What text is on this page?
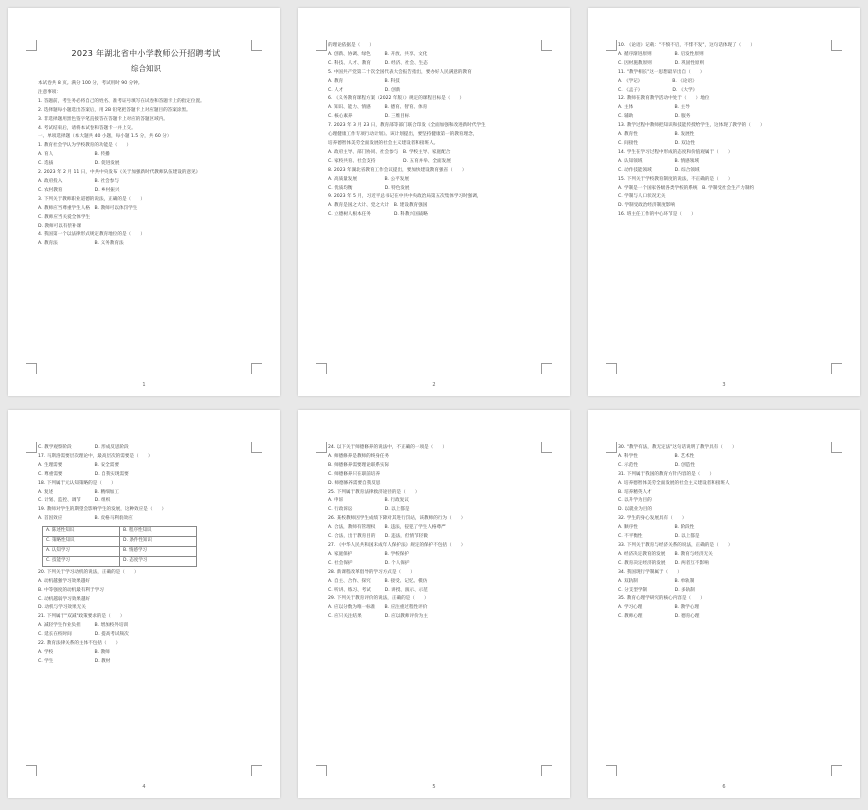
2023 年湖北省中小学教师公开招聘考试
综合知识
本试卷共 8 页。满分 100 分，考试用时 90 分钟。
注意事项：
1. 答题前，考生务必将自己的姓名、准考证号填写在试卷和答题卡上的指定位置。
2. 选择题每小题选出答案后，用 2B 铅笔把答题卡上对应题目的答案涂黑。
3. 非选择题用黑色签字笔直接答在答题卡上对应的答题区域内。
4. 考试结束后，请将本试卷和答题卡一并上交。
一、单项选择题（本大题共 40 小题，每小题 1.5 分，共 60 分）
1. 教育社会学认为学校教育的功能是（　　）
A. 育人　　　　　　　　　B. 传播
C. 选拔　　　　　　　　　D. 促进发展
2. 2023 年 2 月 11 日，中共中央发布《关于加强新时代教师队伍建设的意见》
A. 政府投入　　　　　　　B. 社会参与
C. 农村教育　　　　　　　D. 乡村振兴
3. 下列关于教师职业道德的说法，正确的是（　　）
A. 教师应当尊重学生人格　B. 教师可以体罚学生
C. 教师应当关爱全体学生
D. 教师可以有偿补课
4. 我国第一个以法律形式规定教育地位的是（　　）
A. 教育法　　　　　　　　B. 义务教育法
1
的理论依据是（　　）
A. 创新、协调、绿色　　　B. 开放、共享、文化
C. 科技、人才、教育　　　D. 经济、社会、生态
5. 中国共产党第二十次全国代表大会报告指出，要办好人民满意的教育
A. 教育　　　　　　　　　B. 科技
C. 人才　　　　　　　　　D. 创新
6. 《义务教育课程方案（2022 年版）》规定的课程目标是（　　）
A. 知识、能力、情感　　　B. 德育、智育、体育
C. 核心素养　　　　　　　D. 三维目标
7. 2023 年 3 月 23 日，教育部等部门联合印发《全面加强和改进新时代学生
心理健康工作专项行动计划》。该计划提出，要坚持健康第一的教育理念，
培养德智体美劳全面发展的社会主义建设者和接班人。
A. 政府主导、部门协同、社会参与　B. 学校主导、家庭配合
C. 家校共育、社会支持　　　　　　D. 五育并举、全面发展
8. 2023 年湖北省教育工作会议提出，要加快建设教育强省（　　）
A. 高质量发展　　　　　　B. 公平发展
C. 优质均衡　　　　　　　D. 特色发展
9. 2023 年 5 月，习近平总书记在中共中央政治局第五次集体学习时强调，
A. 教育是国之大计、党之大计　B. 建设教育强国
C. 立德树人根本任务　　　　　D. 科教兴国战略
2
10. 《论语》记载："不愤不启，不悱不发"，这句话体现了（　　）
A. 循序渐进原则　　　　　B. 启发性原则
C. 因材施教原则　　　　　D. 巩固性原则
11. "教学相长"这一思想最早出自（　　）
A. 《学记》　　　　　　　B. 《论语》
C. 《孟子》　　　　　　　D. 《大学》
12. 教师在教育教学活动中处于（　　）地位
A. 主体　　　　　　　　　B. 主导
C. 辅助　　　　　　　　　D. 服务
13. 教学过程中教师把知识和技能传授给学生，这体现了教学的（　　）
A. 教育性　　　　　　　　B. 发展性
C. 间接性　　　　　　　　D. 双边性
14. 学生在学习过程中形成的态度和价值观属于（　　）
A. 认知领域　　　　　　　B. 情感领域
C. 动作技能领域　　　　　D. 综合领域
15. 下列关于学校教育制度的说法，不正确的是（　　）
A. 学制是一个国家各级各类学校的系统　B. 学制受社会生产力制约
C. 学制与人口状况无关
D. 学制受政治经济制度影响
16. 班主任工作的中心环节是（　　）
3
C. 教学观察阶段　　　　　D. 形成反思阶段
17. 马斯洛需要层次理论中，最高层次的需要是（　　）
A. 生理需要　　　　　　　B. 安全需要
C. 尊重需要　　　　　　　D. 自我实现需要
18. 下列属于元认知策略的是（　　）
A. 复述　　　　　　　　　B. 精细加工
C. 计划、监控、调节　　　D. 组织
19. 教师对学生的期望会影响学生的发展，这种效应是（　　）
A. 首因效应　　　　　　　B. 皮格马利翁效应
A. 陈述性知识	B. 程序性知识
C. 策略性知识	D. 条件性知识
A. 认知学习	B. 情感学习
C. 技能学习	D. 态度学习
20. 下列关于学习动机的说法，正确的是（　　）
A. 动机越强学习效果越好
B. 中等强度的动机最有利于学习
C. 动机越弱学习效果越好
D. 动机与学习效果无关
21. 下列属于"双减"政策要求的是（　　）
A. 减轻学生作业负担　　　B. 增加校外培训
C. 延长在校时间　　　　　D. 提高考试频次
22. 教育法律关系的主体不包括（　　）
A. 学校　　　　　　　　　B. 教师
C. 学生　　　　　　　　　D. 教材
4
24. 以下关于师德修养的说法中，不正确的一项是（　　）
A. 师德修养是教师的终身任务
B. 师德修养需要理论联系实际
C. 师德修养只在职前培养
D. 师德修养需要自我反思
25. 下列属于教育法律救济途径的是（　　）
A. 申诉　　　　　　　　　B. 行政复议
C. 行政诉讼　　　　　　　D. 以上都是
26. 某校教师因学生成绩下降对其进行罚站，该教师的行为（　　）
A. 合法，教师有管理权　　B. 违法，侵犯了学生人格尊严
C. 合法，出于教育目的　　D. 违法，但情节轻微
27. 《中华人民共和国未成年人保护法》规定的保护不包括（　　）
A. 家庭保护　　　　　　　B. 学校保护
C. 社会保护　　　　　　　D. 个人保护
28. 新课程改革倡导的学习方式是（　　）
A. 自主、合作、探究　　　B. 接受、记忆、模仿
C. 听讲、练习、考试　　　D. 讲授、演示、示范
29. 下列关于教育评价的说法，正确的是（　　）
A. 应以分数为唯一标准　　B. 应注重过程性评价
C. 应只关注结果　　　　　D. 应以教师评价为主
5
30. "教学有法，教无定法"这句话说明了教学具有（　　）
A. 科学性　　　　　　　　B. 艺术性
C. 示范性　　　　　　　　D. 创造性
31. 下列属于我国的教育方针内容的是（　　）
A. 培养德智体美劳全面发展的社会主义建设者和接班人
B. 培养精英人才
C. 以升学为目的
D. 以就业为目的
32. 学生的身心发展具有（　　）
A. 顺序性　　　　　　　　B. 阶段性
C. 不平衡性　　　　　　　D. 以上都是
33. 下列关于教育与经济关系的说法，正确的是（　　）
A. 经济决定教育的发展　　B. 教育与经济无关
C. 教育决定经济的发展　　D. 两者互不影响
34. 我国现行学制属于（　　）
A. 双轨制　　　　　　　　B. 单轨制
C. 分支型学制　　　　　　D. 多轨制
35. 教育心理学研究的核心内容是（　　）
A. 学习心理　　　　　　　B. 教学心理
C. 教师心理　　　　　　　D. 德育心理
6
